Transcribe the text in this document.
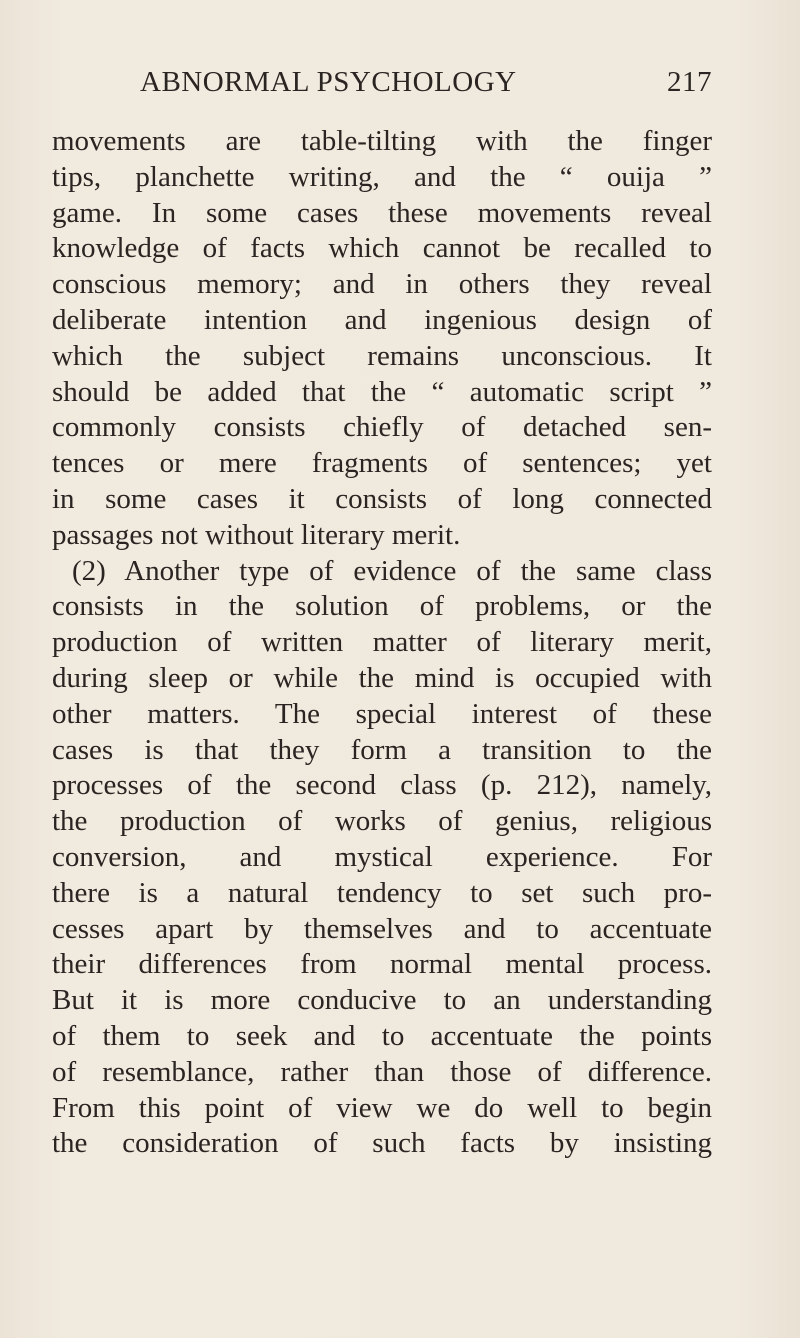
ABNORMAL PSYCHOLOGY	217
movements are table-tilting with the finger
tips, planchette writing, and the “ ouija ”
game. In some cases these movements reveal
knowledge of facts which cannot be recalled to
conscious memory; and in others they reveal
deliberate intention and ingenious design of
which the subject remains unconscious. It
should be added that the “ automatic script ”
commonly consists chiefly of detached sen-
tences or mere fragments of sentences; yet
in some cases it consists of long connected
passages not without literary merit.
(2) Another type of evidence of the same class
consists in the solution of problems, or the
production of written matter of literary merit,
during sleep or while the mind is occupied with
other matters. The special interest of these
cases is that they form a transition to the
processes of the second class (p. 212), namely,
the production of works of genius, religious
conversion, and mystical experience. For
there is a natural tendency to set such pro-
cesses apart by themselves and to accentuate
their differences from normal mental process.
But it is more conducive to an understanding
of them to seek and to accentuate the points
of resemblance, rather than those of difference.
From this point of view we do well to begin
the consideration of such facts by insisting
